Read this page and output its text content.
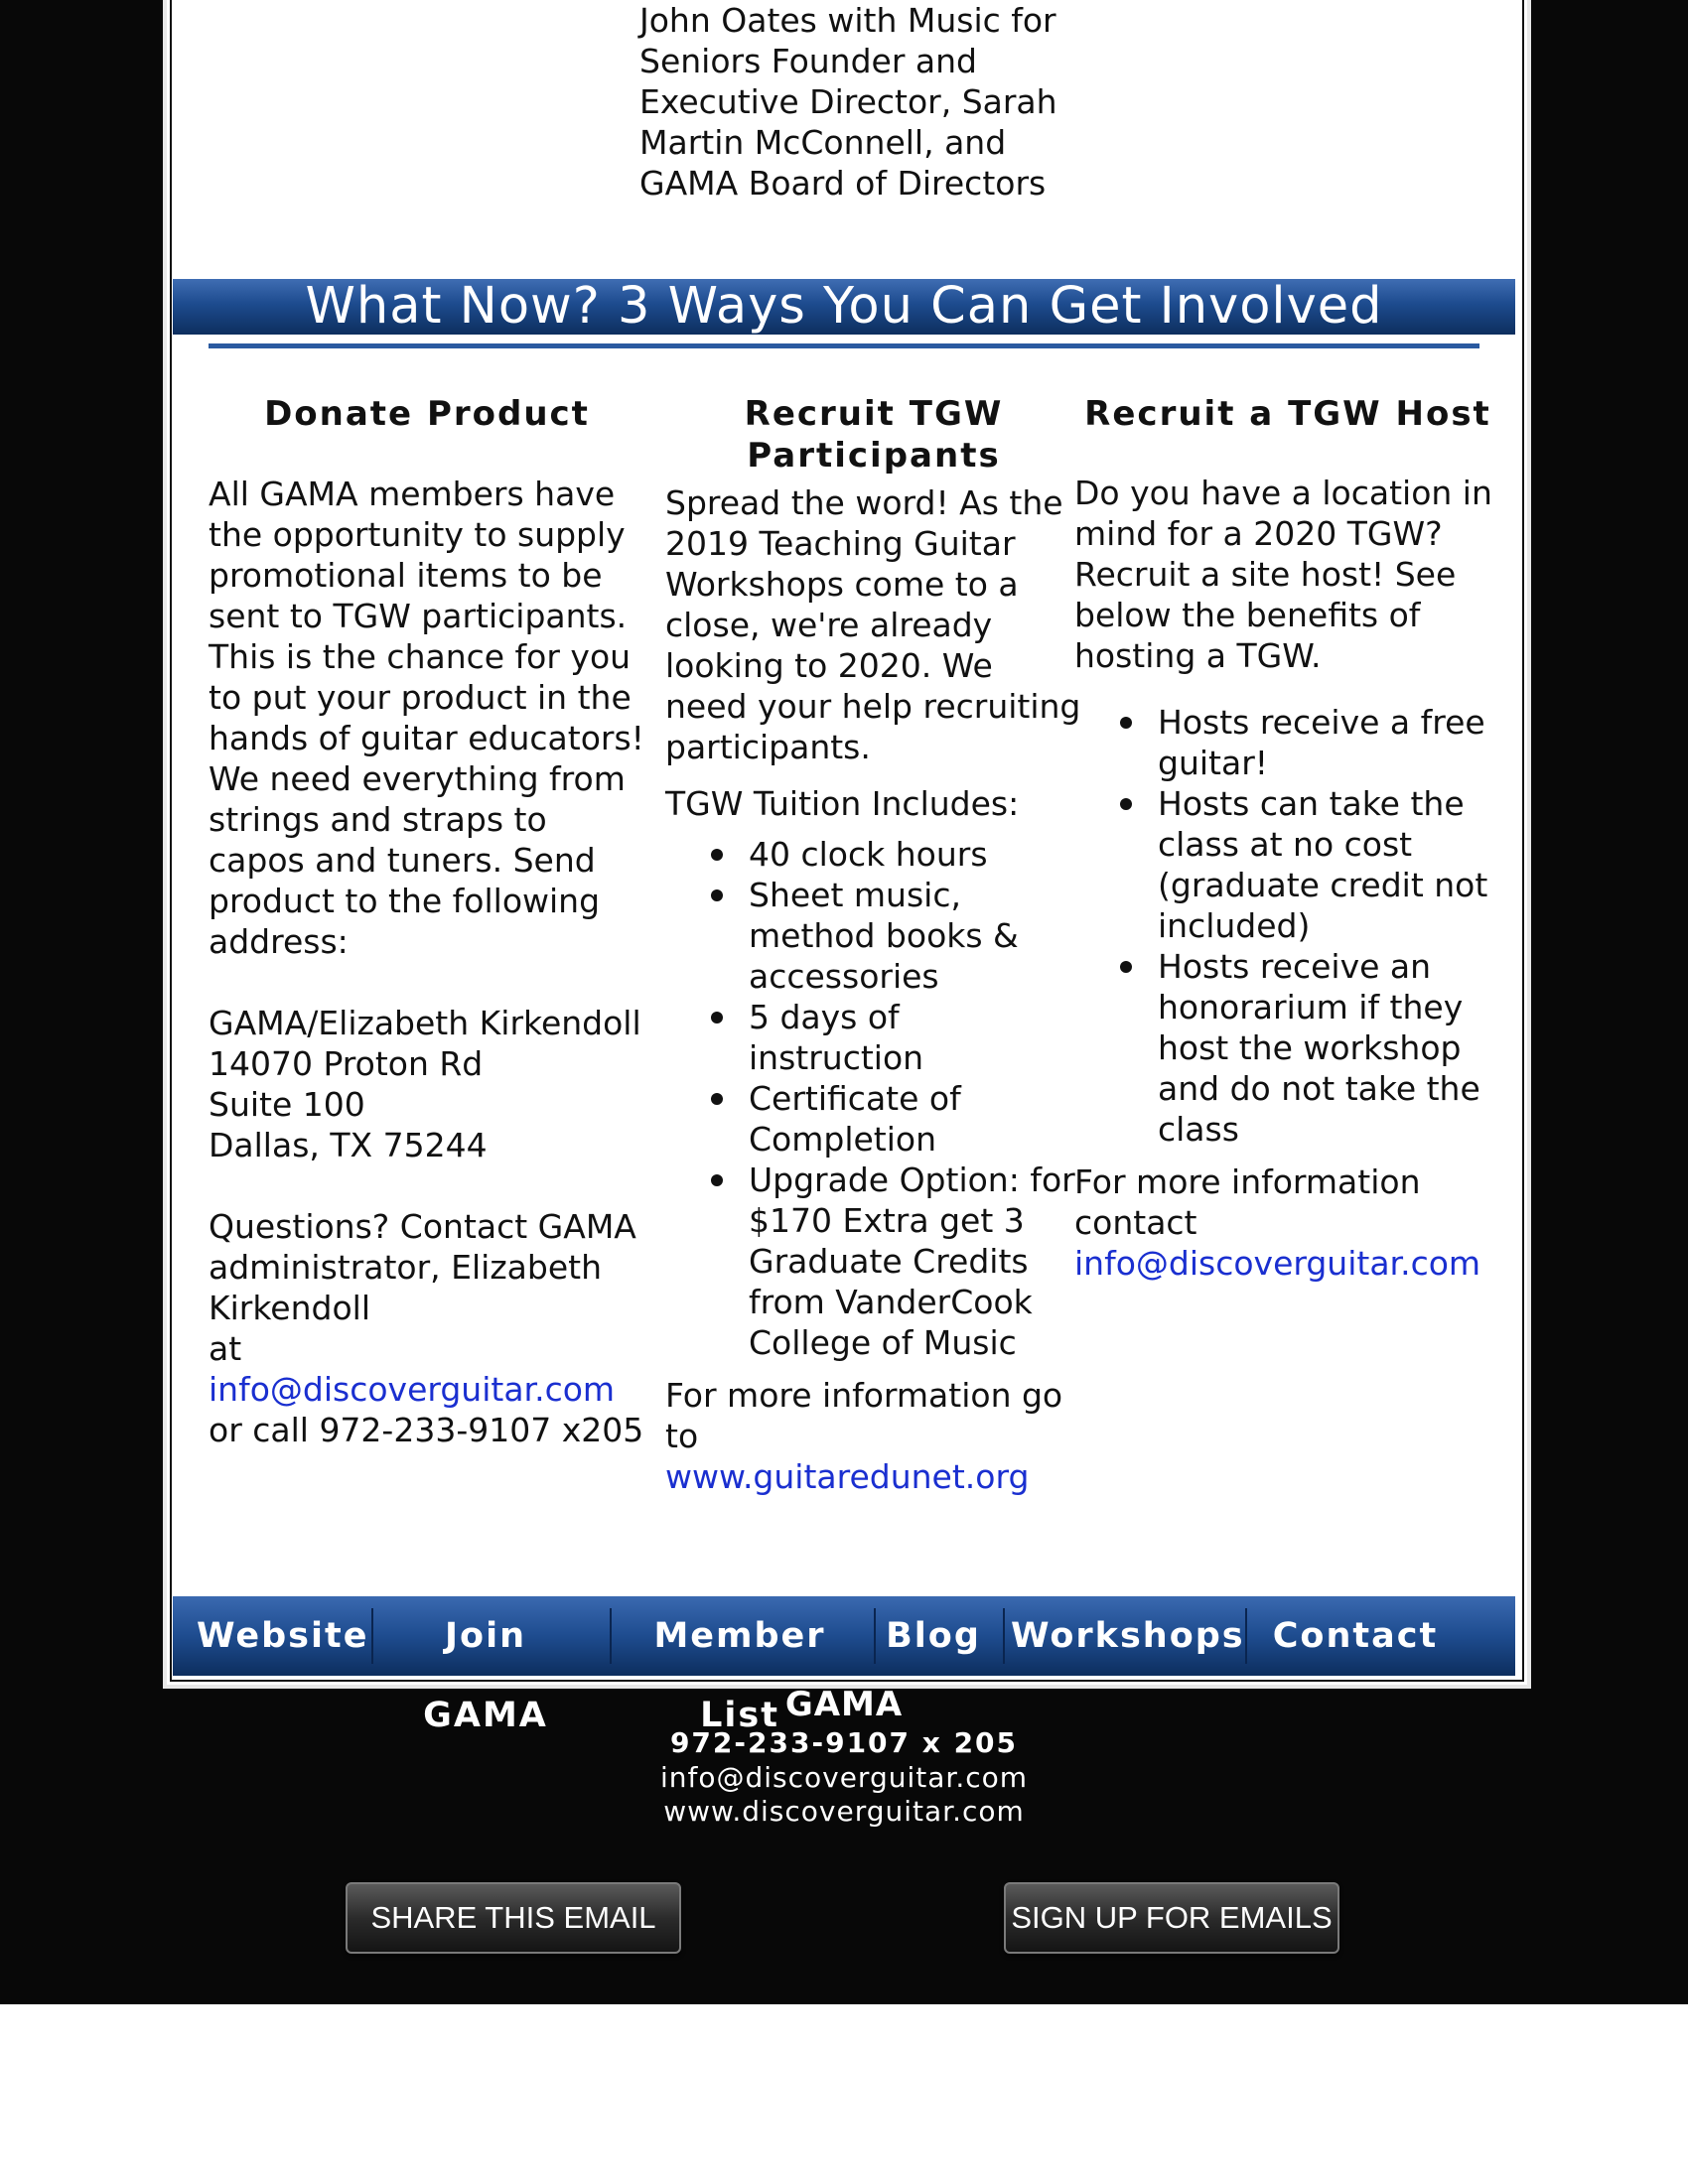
John Oates with Music for
Seniors Founder and
Executive Director, Sarah
Martin McConnell, and
GAMA Board of Directors
What Now? 3 Ways You Can Get Involved

Donate Product

All GAMA members have the opportunity to supply promotional items to be sent to TGW participants. This is the chance for you to put your product in the hands of guitar educators! We need everything from strings and straps to capos and tuners. Send product to the following address:

GAMA/Elizabeth Kirkendoll
14070 Proton Rd
Suite 100
Dallas, TX 75244

Questions? Contact GAMA administrator, Elizabeth Kirkendoll

at info@discoverguitar.com

or call 972-233-9107 x205

Recruit TGW
Participants

Spread the word! As the 2019 Teaching Guitar Workshops come to a close, we're already looking to 2020. We need your help recruiting participants.

TGW Tuition Includes:

40 clock hours
Sheet music, method books & accessories
5 days of instruction
Certificate of Completion
Upgrade Option: for $170 Extra get 3 Graduate Credits from VanderCook College of Music

For more information go to

www.guitaredunet.org

Recruit a TGW Host

Do you have a location in mind for a 2020 TGW? Recruit a site host! See below the benefits of hosting a TGW.

Hosts receive a free guitar!
Hosts can take the class at no cost (graduate credit not included)
Hosts receive an honorarium if they host the workshop and do not take the class

For more information contact

info@discoverguitar.com

Website	Join GAMA
Member List
Blog Workshops Contact
GAMA
972-233-9107 x 205
info@discoverguitar.com
www.discoverguitar.com
SHARE THIS EMAIL	SIGN UP FOR EMAILS
